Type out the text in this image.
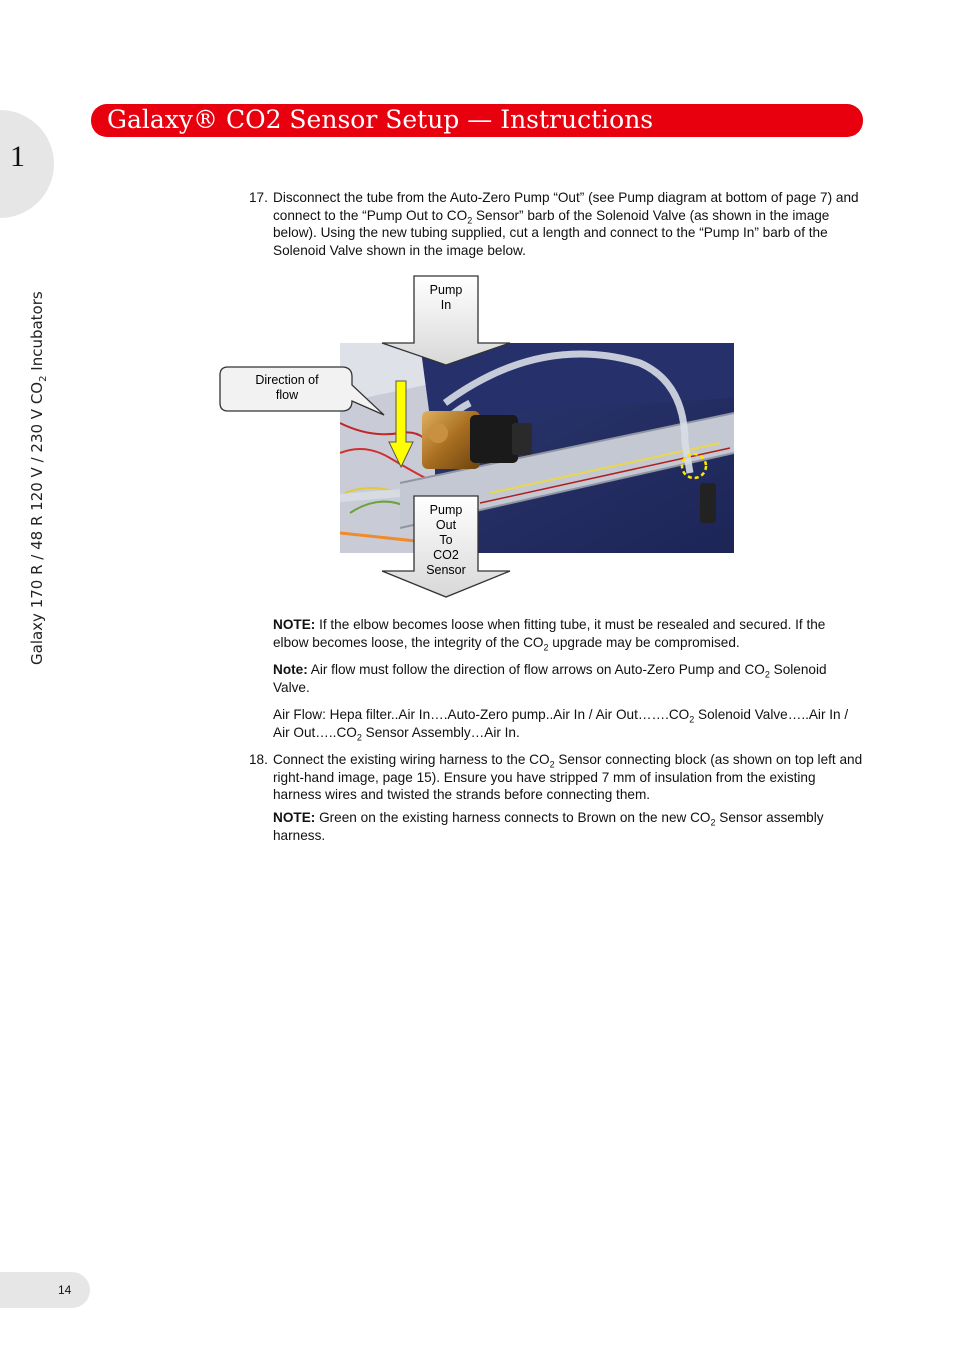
1
Galaxy 170 R / 48 R 120 V / 230 V $CO_2$ Incubators
Galaxy® CO2 Sensor Setup — Instructions
17. Disconnect the tube from the Auto-Zero Pump “Out” (see Pump diagram at bottom of page 7) and connect to the “Pump Out to $CO_2$ Sensor” barb of the Solenoid Valve (as shown in the image below). Using the new tubing supplied, cut a length and connect to the “Pump In” barb of the Solenoid Valve shown in the image below.
Pump
In
Direction of
flow
Pump
Out
To
CO2
Sensor
NOTE: If the elbow becomes loose when fitting tube, it must be resealed and secured. If the elbow becomes loose, the integrity of the $CO_2$ upgrade may be compromised.
Note: Air flow must follow the direction of flow arrows on Auto-Zero Pump and $CO_2$ Solenoid Valve.
Air Flow: Hepa filter..Air In….Auto-Zero pump..Air In / Air $Out\dots\dots.CO_2$ Solenoid Valve…..Air In / Air $Out\dots..CO_2$ Sensor Assembly…Air In.
18. Connect the existing wiring harness to the $CO_2$ Sensor connecting block (as shown on top left and right-hand image, page 15). Ensure you have stripped 7 mm of insulation from the existing harness wires and twisted the strands before connecting them.
NOTE: Green on the existing harness connects to Brown on the new $CO_2$ Sensor assembly harness.
14
